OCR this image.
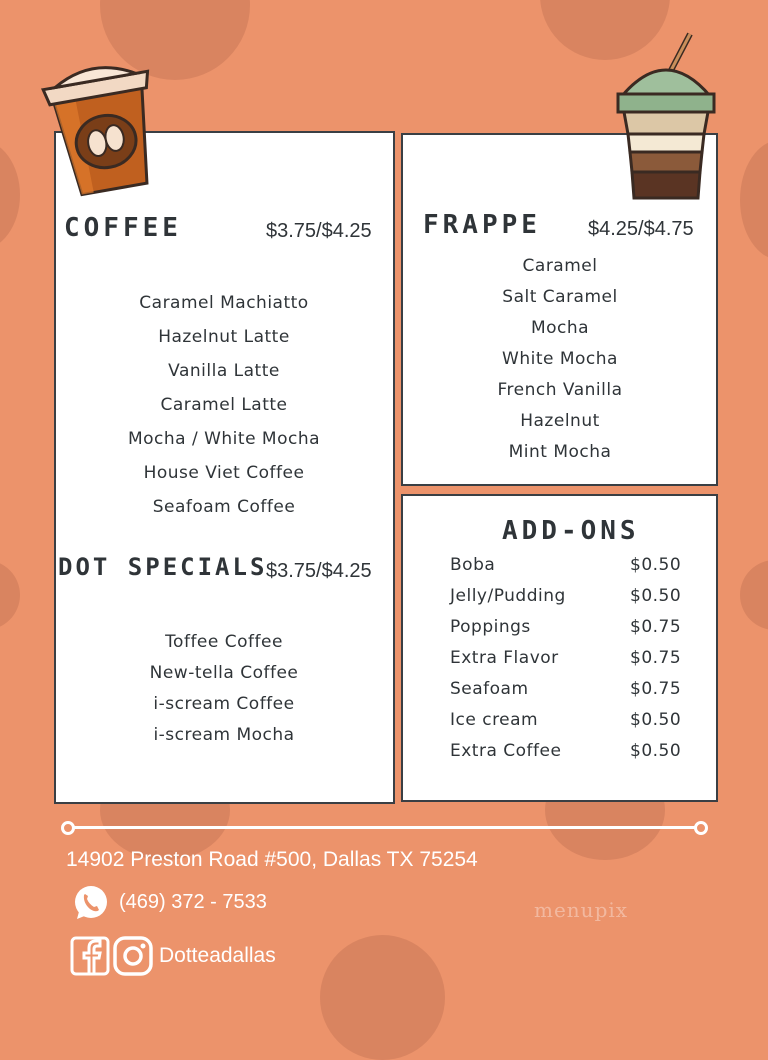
COFFEE	$3.75/$4.25
Caramel Machiatto
Hazelnut Latte
Vanilla Latte
Caramel Latte
Mocha / White Mocha
House Viet Coffee
Seafoam Coffee
DOT SPECIALS
$3.75/$4.25
Toffee Coffee
New-tella Coffee
i-scream Coffee
i-scream Mocha
FRAPPE $4.25/$4.75
Caramel
Salt Caramel
Mocha
White Mocha
French Vanilla
Hazelnut
Mint Mocha
ADD-ONS
Boba	$0.50
Jelly/Pudding	$0.50
Poppings	$0.75
Extra Flavor	$0.75
Seafoam	$0.75
Ice cream	$0.50
Extra Coffee	$0.50
14902 Preston Road #500, Dallas TX 75254
(469) 372 - 7533
Dotteadallas
menupix
